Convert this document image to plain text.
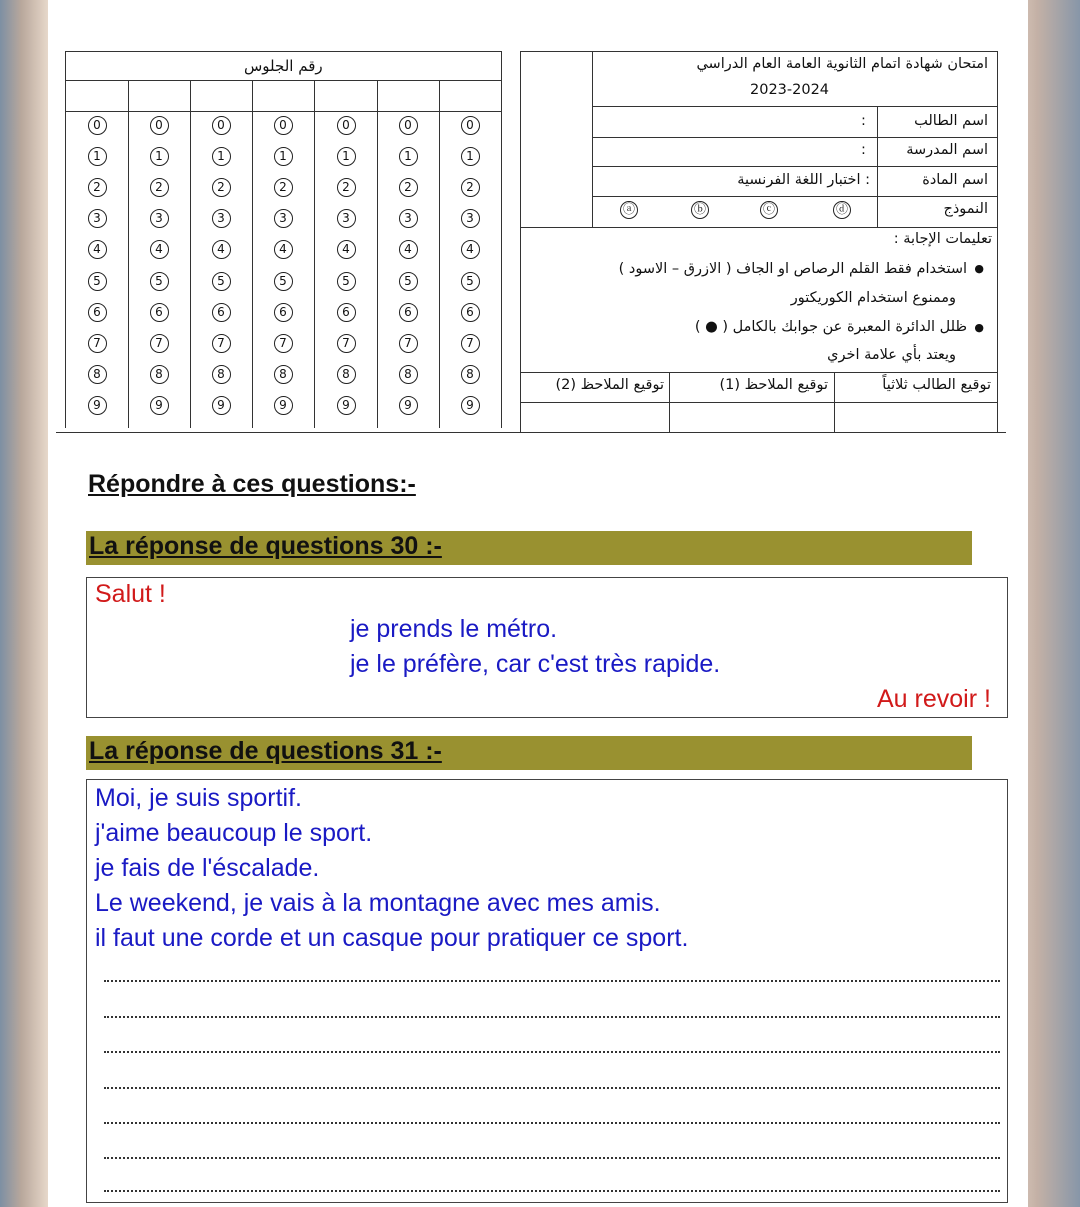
رقم الجلوس
0
1
2
3
4
5
6
7
8
9
0
1
2
3
4
5
6
7
8
9
0
1
2
3
4
5
6
7
8
9
0
1
2
3
4
5
6
7
8
9
0
1
2
3
4
5
6
7
8
9
0
1
2
3
4
5
6
7
8
9
0
1
2
3
4
5
6
7
8
9
امتحان شهادة اتمام الثانوية العامة العام الدراسي
2023-2024
اسم الطالب
:
اسم المدرسة
:
اسم المادة
: اختبار اللغة الفرنسية
النموذج
ⓓ
ⓒ
ⓑ
ⓐ
تعليمات الإجابة :
●
استخدام فقط القلم الرصاص او الجاف ( الازرق – الاسود )
وممنوع استخدام الكوريكتور
●
ظلل الدائرة المعبرة عن جوابك بالكامل ( ● )
ويعتد بأي علامة اخري
توقيع الطالب ثلاثياً
توقيع الملاحظ (1)
توقيع الملاحظ (2)
Répondre à ces questions:-
La réponse de questions 30 :-
Salut !
je prends le métro.
je le préfère, car c'est très rapide.
Au revoir !
La réponse de questions 31 :-
Moi, je suis sportif.
j'aime beaucoup le sport.
je fais de l'éscalade.
Le weekend, je vais à la montagne avec mes amis.
il faut une corde et un casque pour pratiquer ce sport.
